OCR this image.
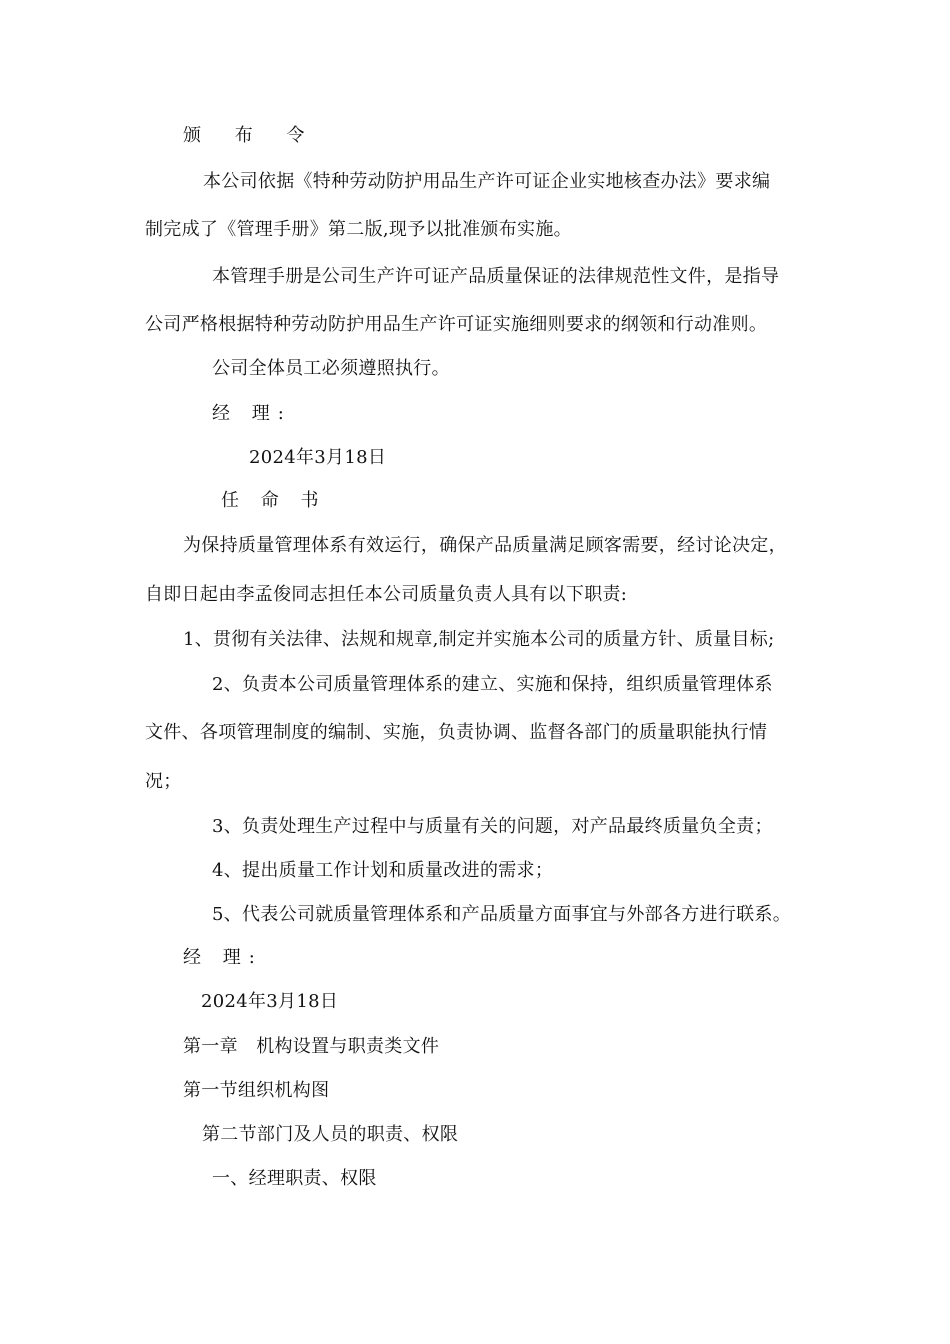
颁 布 令
本公司依据《特种劳动防护用品生产许可证企业实地核查办法》要求编
制完成了《管理手册》第二版,现予以批准颁布实施。
本管理手册是公司生产许可证产品质量保证的法律规范性文件，是指导
公司严格根据特种劳动防护用品生产许可证实施细则要求的纲领和行动准则。
公司全体员工必须遵照执行。
经 理:
2024年3月18日
任 命 书
为保持质量管理体系有效运行，确保产品质量满足顾客需要，经讨论决定，
自即日起由李孟俊同志担任本公司质量负责人具有以下职责:
1、贯彻有关法律、法规和规章,制定并实施本公司的质量方针、质量目标;
2、负责本公司质量管理体系的建立、实施和保持，组织质量管理体系
文件、各项管理制度的编制、实施，负责协调、监督各部门的质量职能执行情
况；
3、负责处理生产过程中与质量有关的问题，对产品最终质量负全责；
4、提出质量工作计划和质量改进的需求；
5、代表公司就质量管理体系和产品质量方面事宜与外部各方进行联系。
经 理:
2024年3月18日
第一章　机构设置与职责类文件
第一节组织机构图
第二节部门及人员的职责、权限
一、经理职责、权限
